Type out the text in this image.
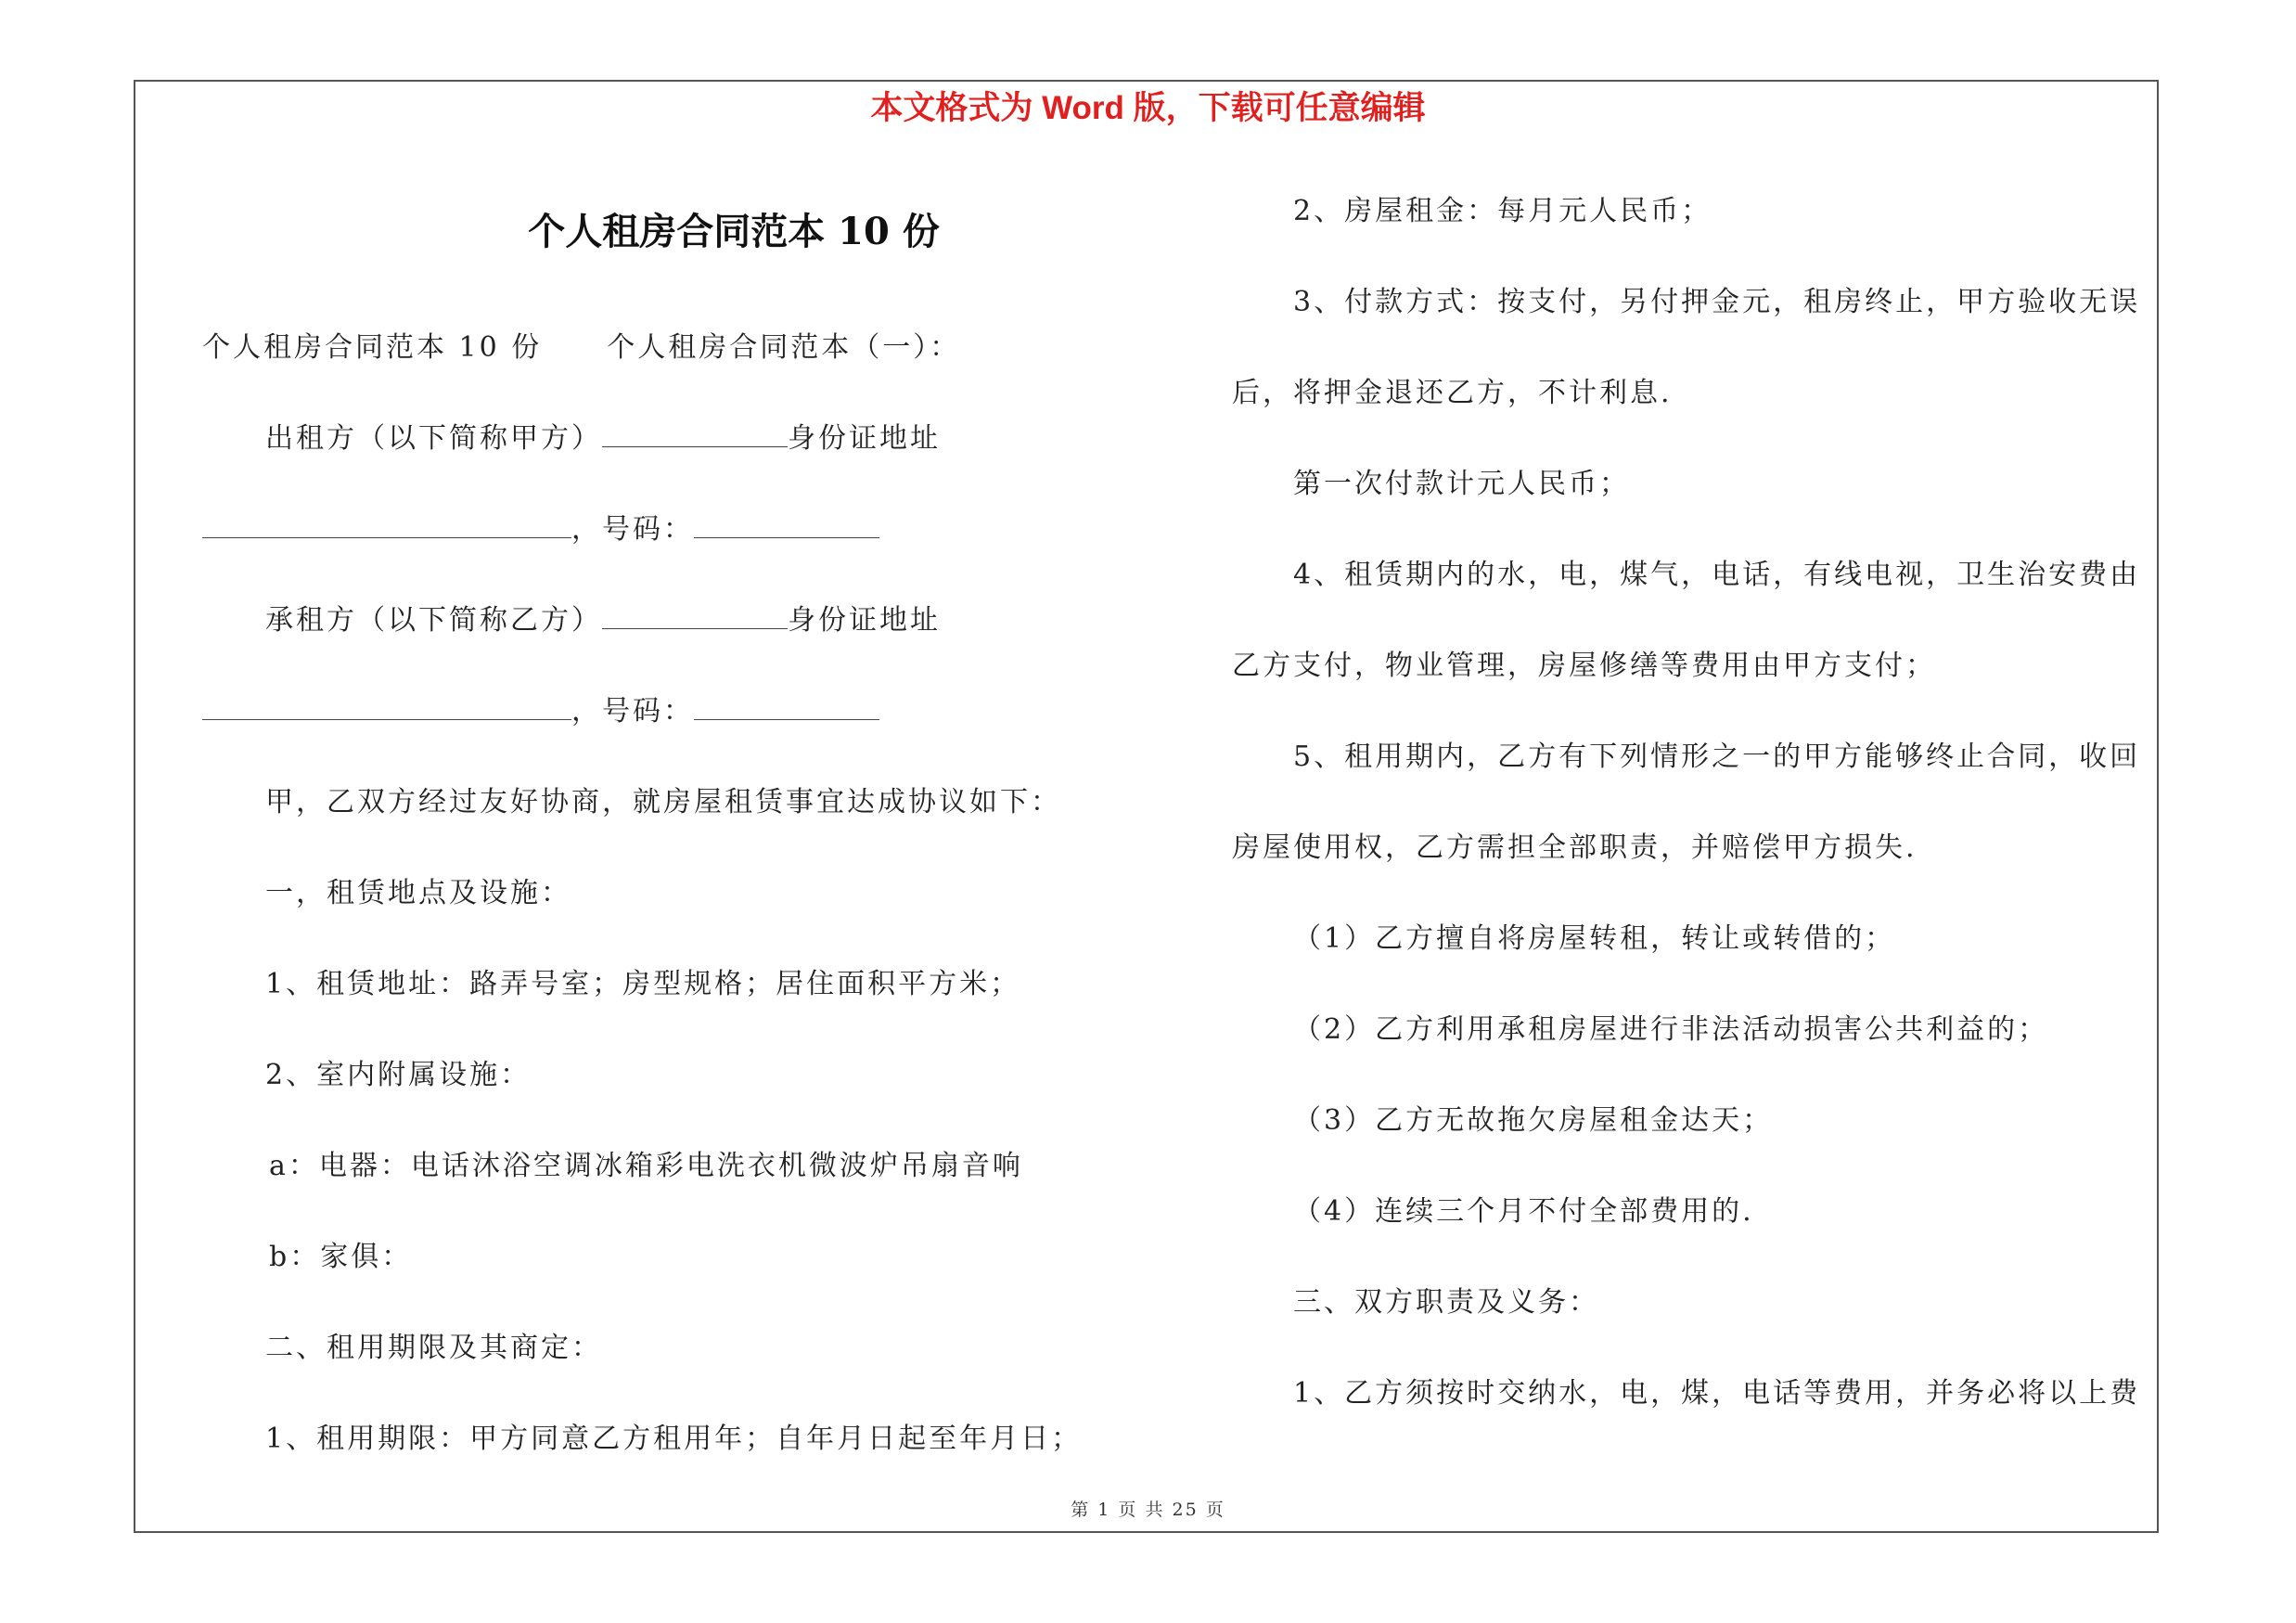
本文格式为 Word 版，下载可任意编辑
个人租房合同范本 10 份
个人租房合同范本 10 份 个人租房合同范本（一）：
出租方（以下简称甲方）	身份证地址
，号码：
承租方（以下简称乙方）	身份证地址
，号码：
甲，乙双方经过友好协商，就房屋租赁事宜达成协议如下：
一，租赁地点及设施：
1、租赁地址：路弄号室；房型规格；居住面积平方米；
2、室内附属设施：
a：电器：电话沐浴空调冰箱彩电洗衣机微波炉吊扇音响
b：家俱：
二、租用期限及其商定：
1、租用期限：甲方同意乙方租用年；自年月日起至年月日；
2、房屋租金：每月元人民币；
3、付款方式：按支付，另付押金元，租房终止，甲方验收无误
后，将押金退还乙方，不计利息.
第一次付款计元人民币；
4、租赁期内的水，电，煤气，电话，有线电视，卫生治安费由
乙方支付，物业管理，房屋修缮等费用由甲方支付；
5、租用期内，乙方有下列情形之一的甲方能够终止合同，收回
房屋使用权，乙方需担全部职责，并赔偿甲方损失.
（1）乙方擅自将房屋转租，转让或转借的；
（2）乙方利用承租房屋进行非法活动损害公共利益的；
（3）乙方无故拖欠房屋租金达天；
（4）连续三个月不付全部费用的.
三、双方职责及义务：
1、乙方须按时交纳水，电，煤，电话等费用，并务必将以上费
第 1 页 共 25 页
